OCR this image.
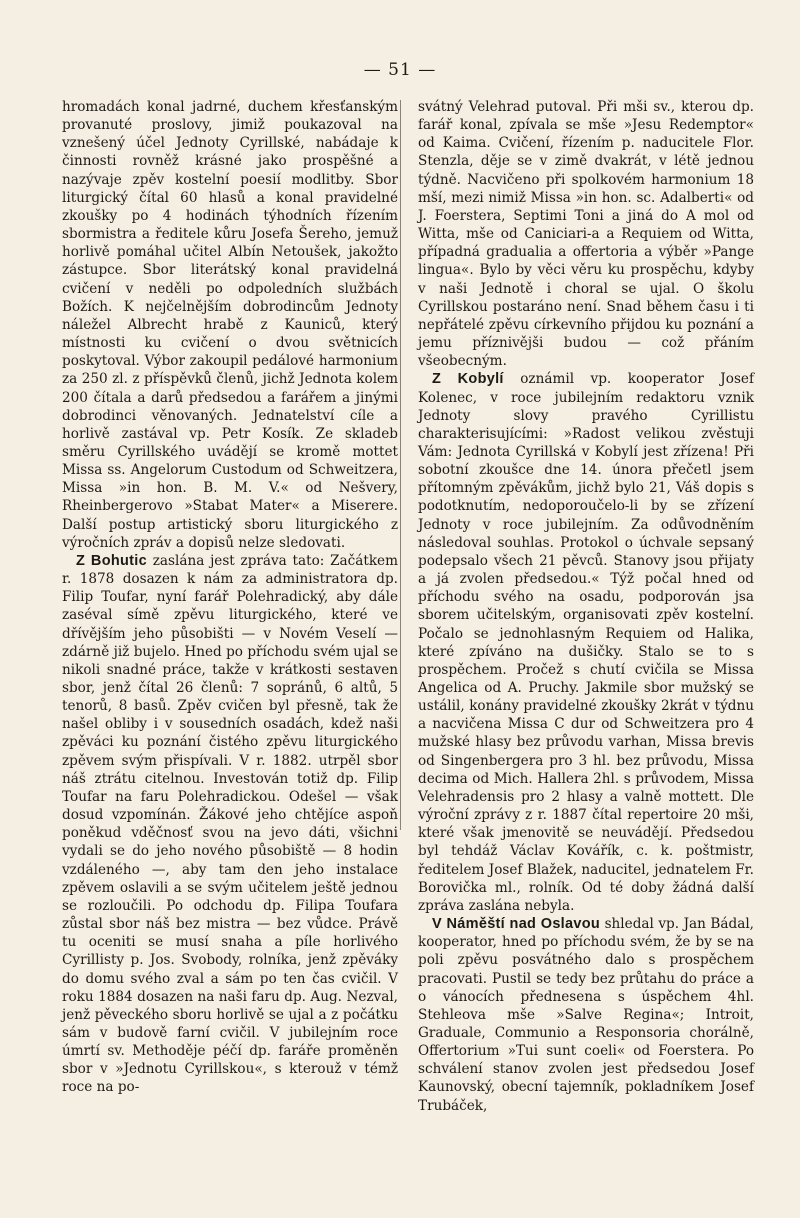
— 51 —

hromadách konal jadrné, duchem křesťanským provanuté proslovy, jimiž poukazoval na vznešený účel Jednoty Cyrillské, nabádaje k činnosti rovněž krásné jako prospěšné a nazývaje zpěv kostelní poesií modlitby. Sbor liturgický čítal 60 hlasů a konal pravidelné zkoušky po 4 hodinách týhodních řízením sbormistra a ředitele kůru Josefa Šereho, jemuž horlivě pomáhal učitel Albín Netoušek, jakožto zástupce. Sbor literátský konal pravidelná cvičení v neděli po odpoledních službách Božích. K nejčelnějším dobrodincům Jednoty náležel Albrecht hrabě z Kauniců, který místnosti ku cvičení o dvou světnicích poskytoval. Výbor zakoupil pedálové harmonium za 250 zl. z příspěvků členů, jichž Jednota kolem 200 čítala a darů předsedou a farářem a jinými dobrodinci věnovaných. Jednatelství cíle a horlivě zastával vp. Petr Kosík. Ze skladeb směru Cyrillského uvádějí se kromě mottet Missa ss. Angelorum Custodum od Schweitzera, Missa »in hon. B. M. V.« od Nešvery, Rheinbergerovo »Stabat Mater« a Miserere. Další postup artistický sboru liturgického z výročních zpráv a dopisů nelze sledovati.

Z Bohutic zaslána jest zpráva tato: Začátkem r. 1878 dosazen k nám za administratora dp. Filip Toufar, nyní farář Polehradický, aby dále zaséval símě zpěvu liturgického, které ve dřívějším jeho působišti — v Novém Veselí — zdárně již bujelo. Hned po příchodu svém ujal se nikoli snadné práce, takže v krátkosti sestaven sbor, jenž čítal 26 členů: 7 sopránů, 6 altů, 5 tenorů, 8 basů. Zpěv cvičen byl přesně, tak že našel obliby i v sousedních osadách, kdež naši zpěváci ku poznání čistého zpěvu liturgického zpěvem svým přispívali. V r. 1882. utrpěl sbor náš ztrátu citelnou. Investován totiž dp. Filip Toufar na faru Polehradickou. Odešel — však dosud vzpomínán. Žákové jeho chtějíce aspoň poněkud vděčnosť svou na jevo dáti, všichni vydali se do jeho nového působiště — 8 hodin vzdáleného —, aby tam den jeho instalace zpěvem oslavili a se svým učitelem ještě jednou se rozloučili. Po odchodu dp. Filipa Toufara zůstal sbor náš bez mistra — bez vůdce. Právě tu oceniti se musí snaha a píle horlivého Cyrillisty p. Jos. Svobody, rolníka, jenž zpěváky do domu svého zval a sám po ten čas cvičil. V roku 1884 dosazen na naši faru dp. Aug. Nezval, jenž pěveckého sboru horlivě se ujal a z počátku sám v budově farní cvičil. V jubilejním roce úmrtí sv. Methoděje péčí dp. faráře proměněn sbor v »Jednotu Cyrillskou«, s kterouž v témž roce na po-

svátný Velehrad putoval. Při mši sv., kterou dp. farář konal, zpívala se mše »Jesu Redemptor« od Kaima. Cvičení, řízením p. naducitele Flor. Stenzla, děje se v zimě dvakrát, v létě jednou týdně. Nacvičeno při spolkovém harmonium 18 mší, mezi nimiž Missa »in hon. sc. Adalberti« od J. Foerstera, Septimi Toni a jiná do A mol od Witta, mše od Caniciari-a a Requiem od Witta, případná gradualia a offertoria a výběr »Pange lingua«. Bylo by věci věru ku prospěchu, kdyby v naši Jednotě i choral se ujal. O školu Cyrillskou postaráno není. Snad během času i ti nepřátelé zpěvu církevního přijdou ku poznání a jemu příznivějši budou — což přáním všeobecným.

Z Kobylí oznámil vp. kooperator Josef Kolenec, v roce jubilejním redaktoru vznik Jednoty slovy pravého Cyrillistu charakterisujícími: »Radost velikou zvěstuji Vám: Jednota Cyrillská v Kobylí jest zřízena! Při sobotní zkoušce dne 14. února přečetl jsem přítomným zpěvákům, jichž bylo 21, Váš dopis s podotknutím, nedoporoučelo-li by se zřízení Jednoty v roce jubilejním. Za odůvodněním následoval souhlas. Protokol o úchvale sepsaný podepsalo všech 21 pěvců. Stanovy jsou přijaty a já zvolen předsedou.« Týž počal hned od příchodu svého na osadu, podporován jsa sborem učitelským, organisovati zpěv kostelní. Počalo se jednohlasným Requiem od Halika, které zpíváno na dušičky. Stalo se to s prospěchem. Pročež s chutí cvičila se Missa Angelica od A. Pruchy. Jakmile sbor mužský se ustálil, konány pravidelné zkoušky 2krát v týdnu a nacvičena Missa C dur od Schweitzera pro 4 mužské hlasy bez průvodu varhan, Missa brevis od Singenbergera pro 3 hl. bez průvodu, Missa decima od Mich. Hallera 2hl. s průvodem, Missa Velehradensis pro 2 hlasy a valně mottett. Dle výroční zprávy z r. 1887 čítal repertoire 20 mši, které však jmenovitě se neuvádějí. Předsedou byl tehdáž Václav Kovářík, c. k. poštmistr, ředitelem Josef Blažek, naducitel, jednatelem Fr. Borovička ml., rolník. Od té doby žádná další zpráva zaslána nebyla.

V Náměští nad Oslavou shledal vp. Jan Bádal, kooperator, hned po příchodu svém, že by se na poli zpěvu posvátného dalo s prospěchem pracovati. Pustil se tedy bez průtahu do práce a o vánocích přednesena s úspěchem 4hl. Stehleova mše »Salve Regina«; Introit, Graduale, Communio a Responsoria chorálně, Offertorium »Tui sunt coeli« od Foerstera. Po schválení stanov zvolen jest předsedou Josef Kaunovský, obecní tajemník, pokladníkem Josef Trubáček,
